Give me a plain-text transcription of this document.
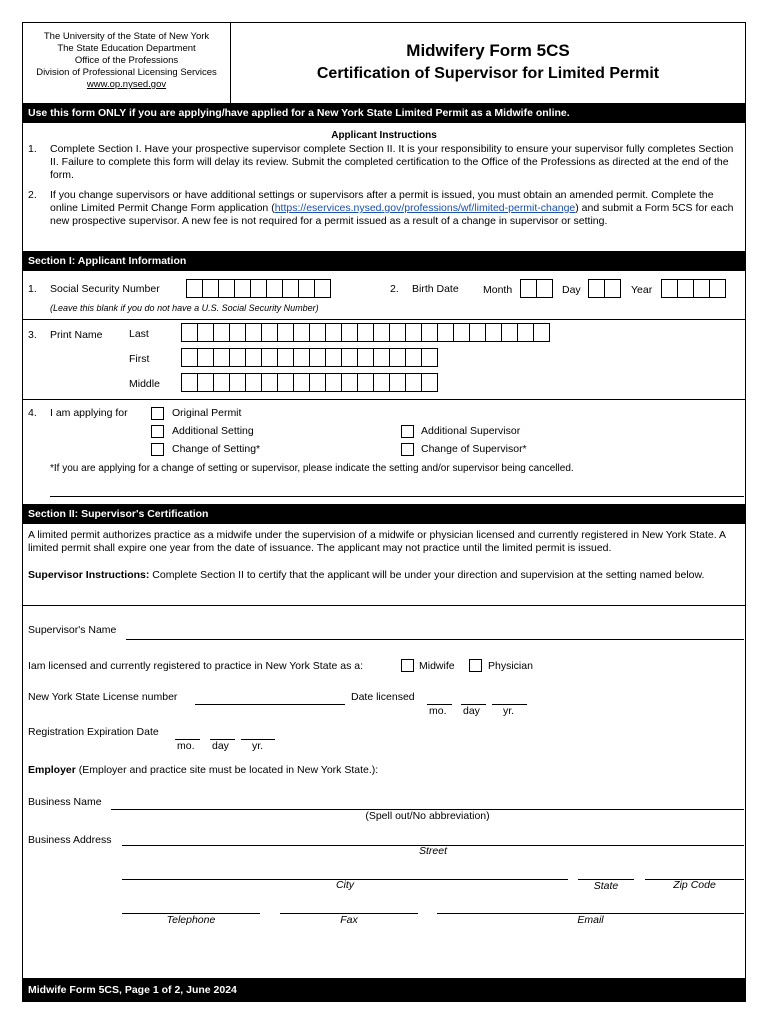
The University of the State of New York
The State Education Department
Office of the Professions
Division of Professional Licensing Services
www.op.nysed.gov
Midwifery Form 5CS
Certification of Supervisor for Limited Permit
Use this form ONLY if you are applying/have applied for a New York State Limited Permit as a Midwife online.
Applicant Instructions
1. Complete Section I. Have your prospective supervisor complete Section II. It is your responsibility to ensure your supervisor fully completes Section II. Failure to complete this form will delay its review. Submit the completed certification to the Office of the Professions as directed at the end of the form.
2. If you change supervisors or have additional settings or supervisors after a permit is issued, you must obtain an amended permit. Complete the online Limited Permit Change Form application (https://eservices.nysed.gov/professions/wf/limited-permit-change) and submit a Form 5CS for each new prospective supervisor. A new fee is not required for a permit issued as a result of a change in supervisor or setting.
Section I: Applicant Information
1. Social Security Number
(Leave this blank if you do not have a U.S. Social Security Number)
2. Birth Date Month	Day	Year
3. Print Name	Last
First
Middle
4. I am applying for	Original Permit
Additional Setting
Change of Setting*
Additional Supervisor
Change of Supervisor*
*If you are applying for a change of setting or supervisor, please indicate the setting and/or supervisor being cancelled.
Section II: Supervisor's Certification
A limited permit authorizes practice as a midwife under the supervision of a midwife or physician licensed and currently registered in New York State. A limited permit shall expire one year from the date of issuance. The applicant may not practice until the limited permit is issued.
Supervisor Instructions: Complete Section II to certify that the applicant will be under your direction and supervision at the setting named below.
Supervisor's Name
Iam licensed and currently registered to practice in New York State as a:	Midwife	Physician
New York State License number	Date licensed
mo. day yr.
Registration Expiration Date
mo. day yr.
Employer (Employer and practice site must be located in New York State.):
Business Name
(Spell out/No abbreviation)
Business Address
Street
City	State	Zip Code
Telephone	Fax	Email
Midwife Form 5CS, Page 1 of 2, June 2024
